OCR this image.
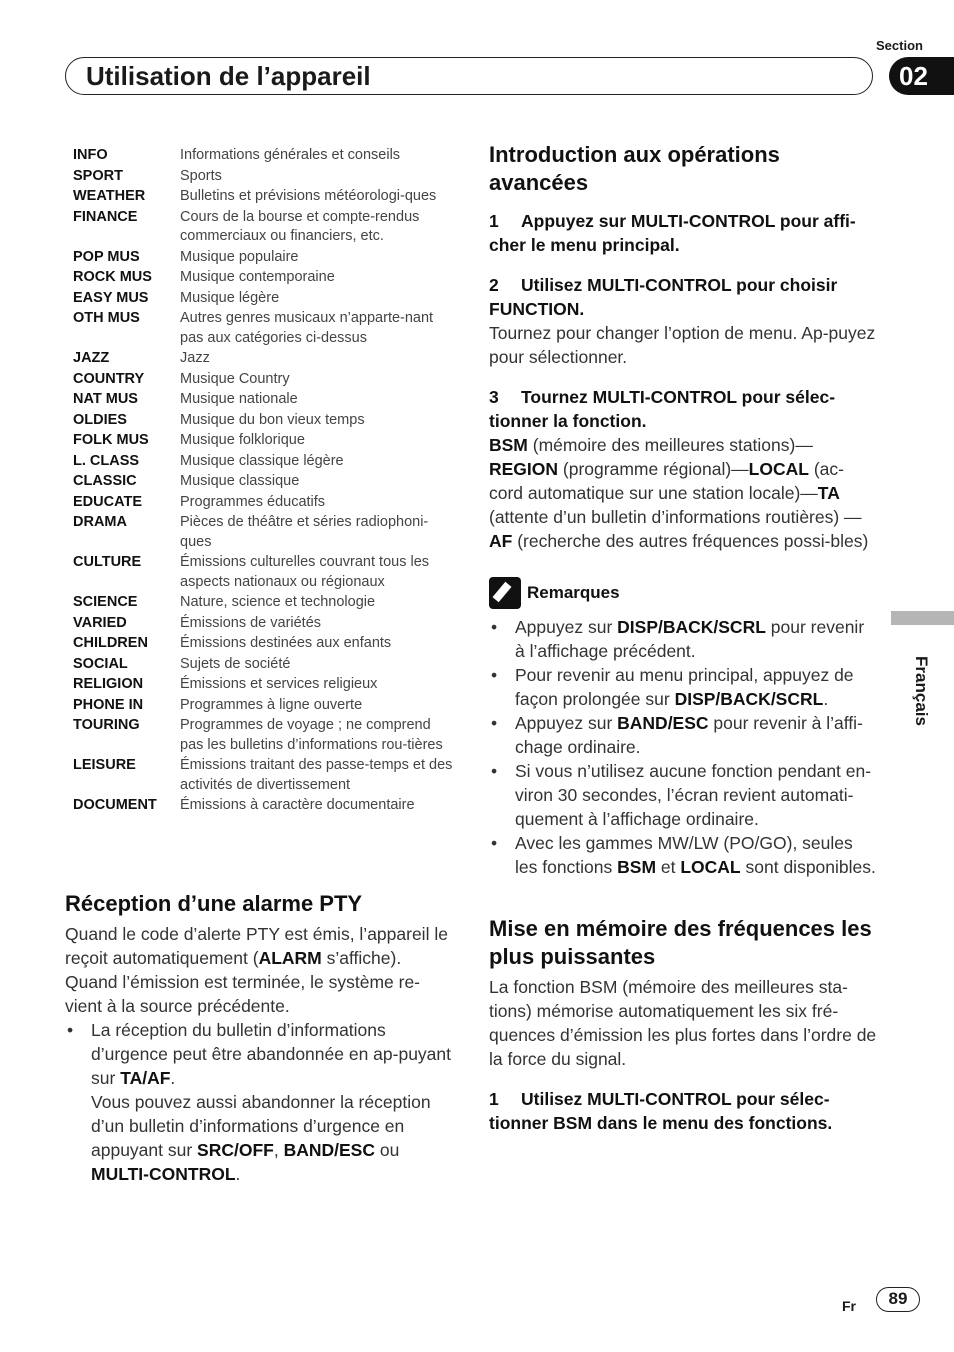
Section
Utilisation de l’appareil	02
Français
INFO	Informations générales et conseils
SPORT	Sports
WEATHER	Bulletins et prévisions météorologi-ques
FINANCE	Cours de la bourse et compte-rendus commerciaux ou financiers, etc.
POP MUS	Musique populaire
ROCK MUS	Musique contemporaine
EASY MUS	Musique légère
OTH MUS	Autres genres musicaux n’apparte-nant pas aux catégories ci-dessus
JAZZ	Jazz
COUNTRY	Musique Country
NAT MUS	Musique nationale
OLDIES	Musique du bon vieux temps
FOLK MUS	Musique folklorique
L. CLASS	Musique classique légère
CLASSIC	Musique classique
EDUCATE	Programmes éducatifs
DRAMA	Pièces de théâtre et séries radiophoni-ques
CULTURE	Émissions culturelles couvrant tous les aspects nationaux ou régionaux
SCIENCE	Nature, science et technologie
VARIED	Émissions de variétés
CHILDREN	Émissions destinées aux enfants
SOCIAL	Sujets de société
RELIGION	Émissions et services religieux
PHONE IN	Programmes à ligne ouverte
TOURING	Programmes de voyage ; ne comprend pas les bulletins d’informations rou-tières
LEISURE	Émissions traitant des passe-temps et des activités de divertissement
DOCUMENT	Émissions à caractère documentaire
Réception d’une alarme PTY

Quand le code d’alerte PTY est émis, l’appareil le reçoit automatiquement (ALARM s’affiche). Quand l’émission est terminée, le système re-vient à la source précédente.

• La réception du bulletin d’informations d’urgence peut être abandonnée en ap-puyant sur TA/AF.
Vous pouvez aussi abandonner la réception d’un bulletin d’informations d’urgence en appuyant sur SRC/OFF, BAND/ESC ou MULTI-CONTROL.
Introduction aux opérations avancées

1 Appuyez sur MULTI-CONTROL pour affi-cher le menu principal.

2 Utilisez MULTI-CONTROL pour choisir FUNCTION.

Tournez pour changer l’option de menu. Ap-puyez pour sélectionner.

3 Tournez MULTI-CONTROL pour sélec-tionner la fonction.

BSM (mémoire des meilleures stations)—REGION (programme régional)—LOCAL (ac-cord automatique sur une station locale)—TA (attente d’un bulletin d’informations routières) —AF (recherche des autres fréquences possi-bles)

Remarques
• Appuyez sur DISP/BACK/SCRL pour revenir à l’affichage précédent.
• Pour revenir au menu principal, appuyez de façon prolongée sur DISP/BACK/SCRL.
• Appuyez sur BAND/ESC pour revenir à l’affi-chage ordinaire.
• Si vous n’utilisez aucune fonction pendant en-viron 30 secondes, l’écran revient automati-quement à l’affichage ordinaire.
• Avec les gammes MW/LW (PO/GO), seules les fonctions BSM et LOCAL sont disponibles.
Mise en mémoire des fréquences les plus puissantes

La fonction BSM (mémoire des meilleures sta-tions) mémorise automatiquement les six fré-quences d’émission les plus fortes dans l’ordre de la force du signal.

1 Utilisez MULTI-CONTROL pour sélec-tionner BSM dans le menu des fonctions.

Fr	89
